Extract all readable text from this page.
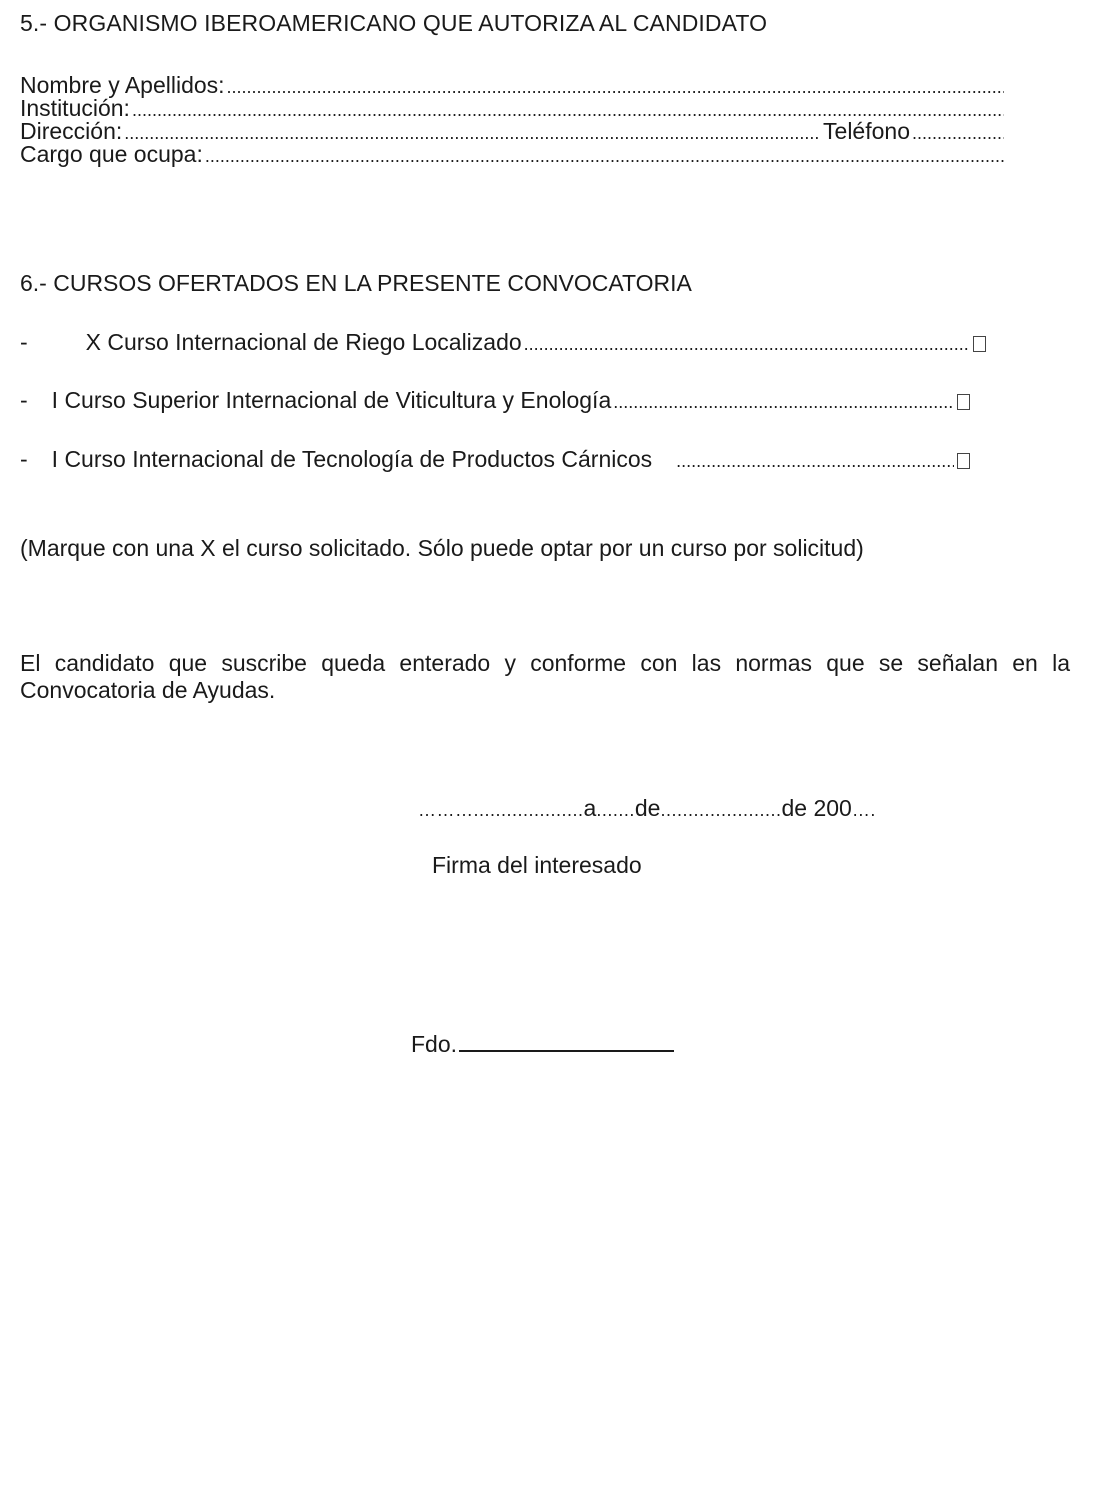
5.- ORGANISMO IBEROAMERICANO QUE AUTORIZA AL CANDIDATO
Nombre y Apellidos:
.....
Institución:
.....
Dirección:
.....	Teléfono
.....
Cargo que ocupa:
.....
6.- CURSOS OFERTADOS EN LA PRESENTE CONVOCATORIA
-	X Curso Internacional de Riego Localizado
.....
- I Curso Superior Internacional de Viticultura y Enología
.....
- I Curso Internacional de Tecnología de Productos Cárnicos
.....
(Marque con una X el curso solicitado. Sólo puede optar por un curso por solicitud)
El candidato que suscribe queda enterado y conforme con las normas que se señalan en la
Convocatoria de Ayudas.
………....................a.......de......................de 200….
Firma del interesado
Fdo.
